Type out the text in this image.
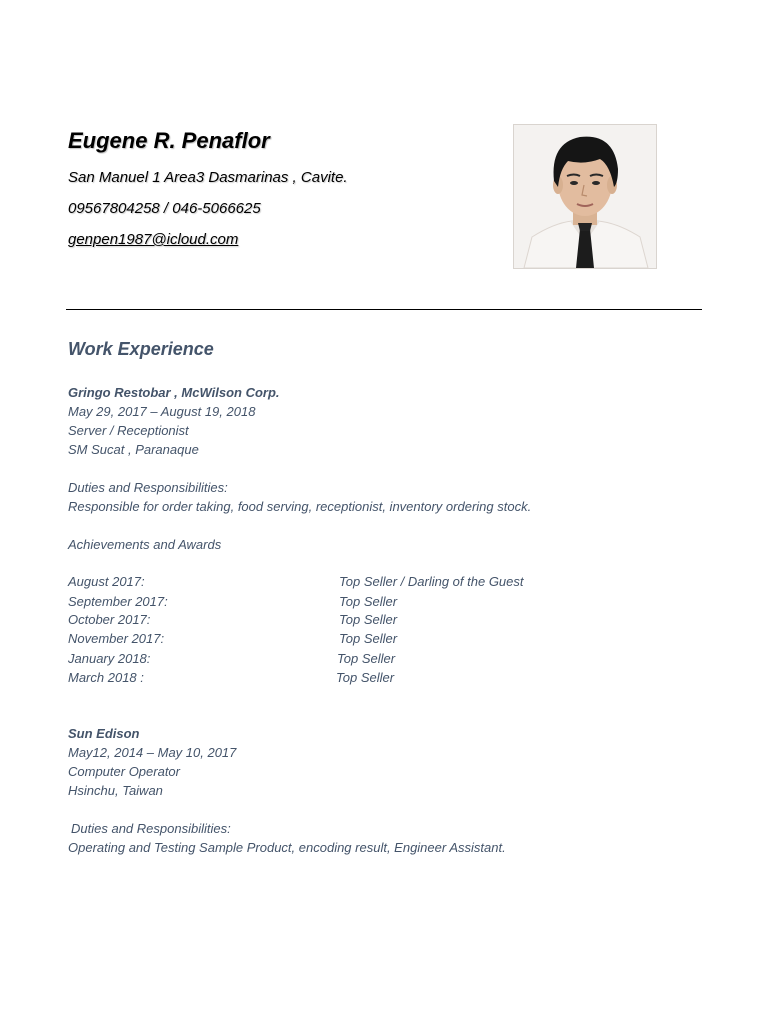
Eugene R. Penaflor
San Manuel 1 Area3 Dasmarinas , Cavite.
09567804258 / 046-5066625
genpen1987@icloud.com
Work Experience
Gringo Restobar , McWilson Corp.
May 29, 2017 – August 19, 2018
Server / Receptionist
SM Sucat , Paranaque
Duties and Responsibilities:
Responsible for order taking, food serving, receptionist, inventory ordering stock.
Achievements and Awards
August 2017:	Top Seller / Darling of the Guest
September 2017:	Top Seller
October 2017:	Top Seller
November 2017:	Top Seller
January 2018:	Top Seller
March 2018 :	Top Seller
Sun Edison
May12, 2014 – May 10, 2017
Computer Operator
Hsinchu, Taiwan
Duties and Responsibilities:
Operating and Testing Sample Product, encoding result, Engineer Assistant.
